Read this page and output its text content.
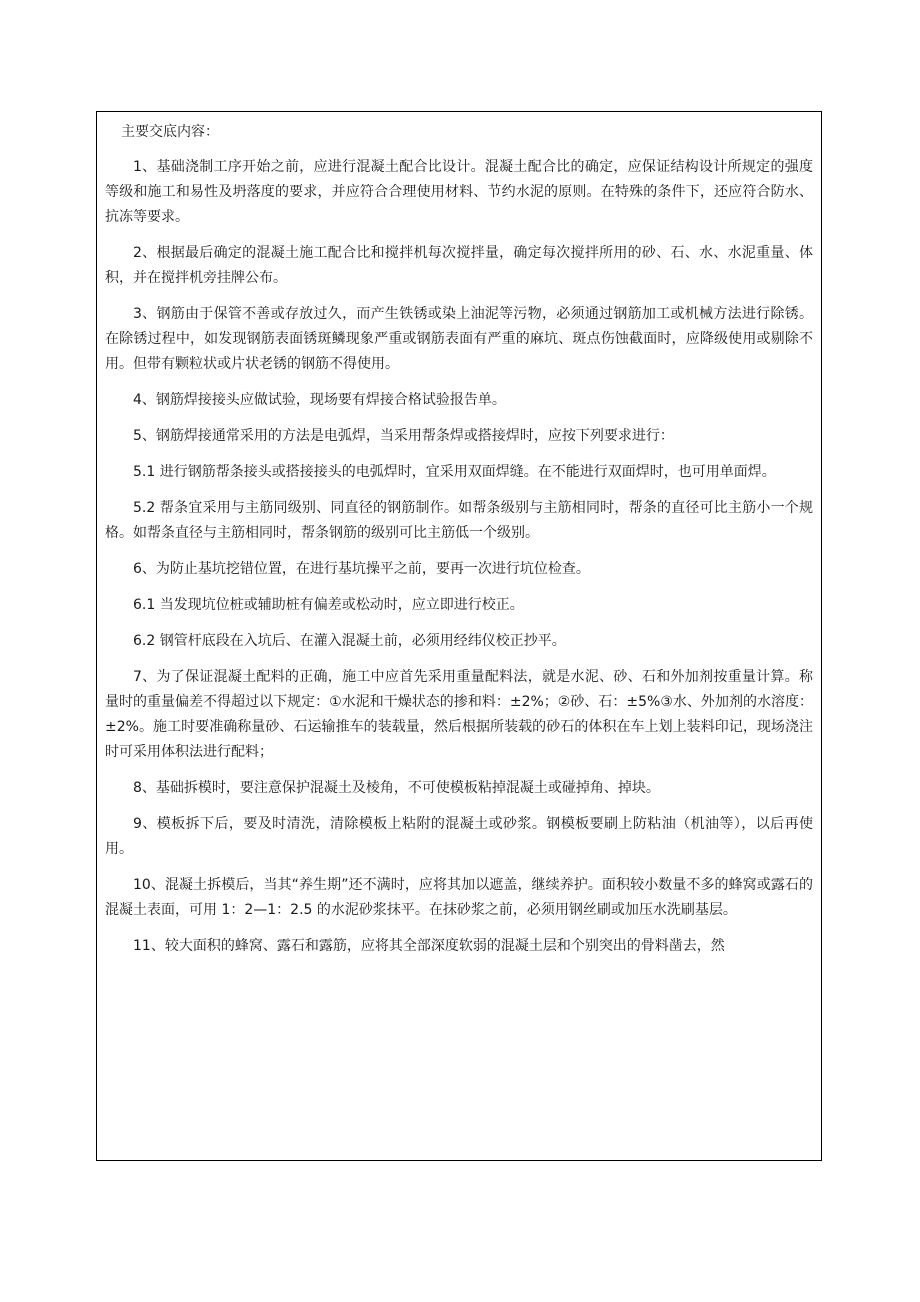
主要交底内容：

1、基础浇制工序开始之前，应进行混凝土配合比设计。混凝土配合比的确定，应保证结构设计所规定的强度等级和施工和易性及坍落度的要求，并应符合合理使用材料、节约水泥的原则。在特殊的条件下，还应符合防水、抗冻等要求。

2、根据最后确定的混凝土施工配合比和搅拌机每次搅拌量，确定每次搅拌所用的砂、石、水、水泥重量、体积，并在搅拌机旁挂牌公布。

3、钢筋由于保管不善或存放过久，而产生铁锈或染上油泥等污物，必须通过钢筋加工或机械方法进行除锈。在除锈过程中，如发现钢筋表面锈斑鳞现象严重或钢筋表面有严重的麻坑、斑点伤蚀截面时，应降级使用或剔除不用。但带有颗粒状或片状老锈的钢筋不得使用。

4、钢筋焊接接头应做试验，现场要有焊接合格试验报告单。

5、钢筋焊接通常采用的方法是电弧焊，当采用帮条焊或搭接焊时，应按下列要求进行：

5.1 进行钢筋帮条接头或搭接接头的电弧焊时，宜采用双面焊缝。在不能进行双面焊时，也可用单面焊。

5.2 帮条宜采用与主筋同级别、同直径的钢筋制作。如帮条级别与主筋相同时，帮条的直径可比主筋小一个规格。如帮条直径与主筋相同时，帮条钢筋的级别可比主筋低一个级别。

6、为防止基坑挖错位置，在进行基坑操平之前，要再一次进行坑位检查。

6.1 当发现坑位桩或辅助桩有偏差或松动时，应立即进行校正。

6.2 钢管杆底段在入坑后、在灌入混凝土前，必须用经纬仪校正抄平。

7、为了保证混凝土配料的正确，施工中应首先采用重量配料法，就是水泥、砂、石和外加剂按重量计算。称量时的重量偏差不得超过以下规定：①水泥和干燥状态的掺和料：±2%；②砂、石：±5%③水、外加剂的水溶度：±2%。施工时要准确称量砂、石运输推车的装载量，然后根据所装载的砂石的体积在车上划上装料印记，现场浇注时可采用体积法进行配料；

8、基础拆模时，要注意保护混凝土及棱角，不可使模板粘掉混凝土或碰掉角、掉块。

9、模板拆下后，要及时清洗，清除模板上粘附的混凝土或砂浆。钢模板要刷上防粘油（机油等），以后再使用。

10、混凝土拆模后，当其“养生期”还不满时，应将其加以遮盖，继续养护。面积较小数量不多的蜂窝或露石的混凝土表面，可用 1：2—1：2.5 的水泥砂浆抹平。在抹砂浆之前，必须用钢丝刷或加压水洗刷基层。

11、较大面积的蜂窝、露石和露筋，应将其全部深度软弱的混凝土层和个别突出的骨料凿去，然
